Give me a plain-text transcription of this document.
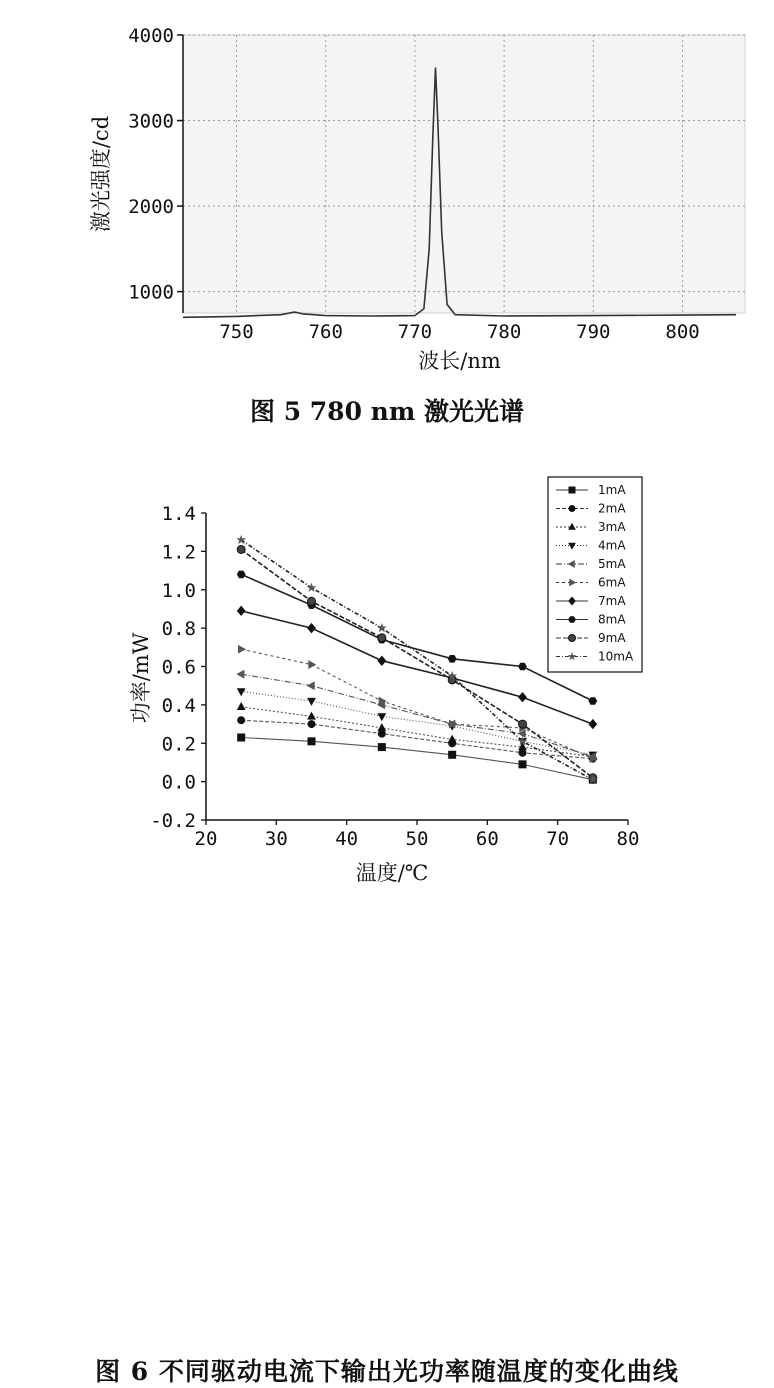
1000
2000
3000
4000
750	760	770	780	790	800
波长/nm
激光强度/cd
图 5 780 nm 激光光谱
-0.2
0.0
0.2
0.4
0.6
0.8
1.0
1.2
1.4
20 30 40 50 60 70 80
温度/℃
功率/mW
1mA
2mA
3mA
4mA
5mA
6mA
7mA
8mA
9mA
10mA
图 6 不同驱动电流下输出光功率随温度的变化曲线
